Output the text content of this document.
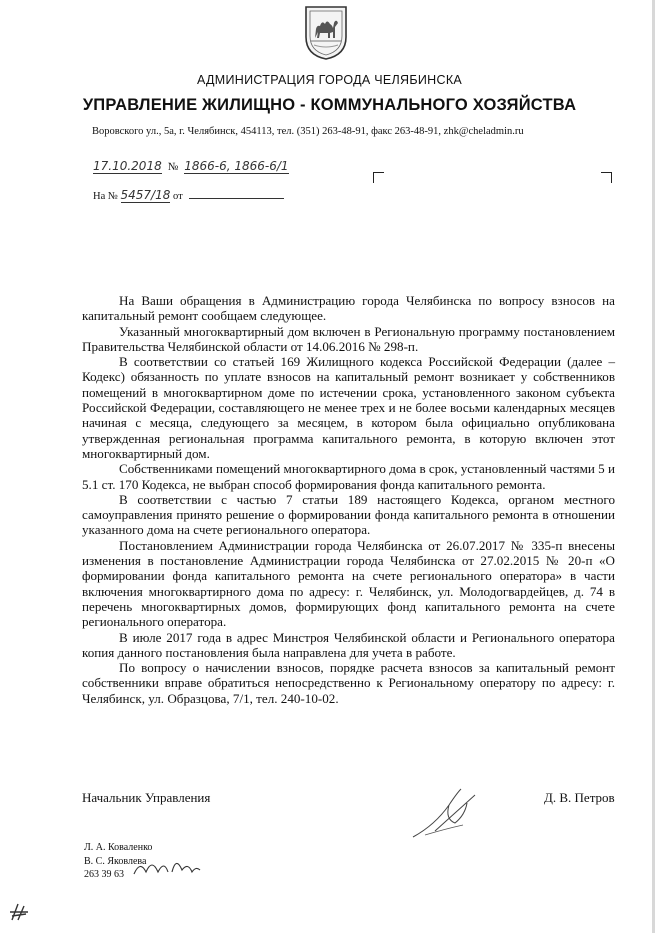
АДМИНИСТРАЦИЯ ГОРОДА ЧЕЛЯБИНСКА
УПРАВЛЕНИЕ ЖИЛИЩНО - КОММУНАЛЬНОГО ХОЗЯЙСТВА
Воровского ул., 5а, г. Челябинск, 454113, тел. (351) 263-48-91, факс 263-48-91, zhk@cheladmin.ru
17.10.2018 № 1866-6, 1866-6/1
На № 5457/18 от

На Ваши обращения в Администрацию города Челябинска по вопросу взносов на капитальный ремонт сообщаем следующее.

Указанный многоквартирный дом включен в Региональную программу постановлением Правительства Челябинской области от 14.06.2016 № 298-п.

В соответствии со статьей 169 Жилищного кодекса Российской Федерации (далее – Кодекс) обязанность по уплате взносов на капитальный ремонт возникает у собственников помещений в многоквартирном доме по истечении срока, установленного законом субъекта Российской Федерации, составляющего не менее трех и не более восьми календарных месяцев начиная с месяца, следующего за месяцем, в котором была официально опубликована утвержденная региональная программа капитального ремонта, в которую включен этот многоквартирный дом.

Собственниками помещений многоквартирного дома в срок, установленный частями 5 и 5.1 ст. 170 Кодекса, не выбран способ формирования фонда капитального ремонта.

В соответствии с частью 7 статьи 189 настоящего Кодекса, органом местного самоуправления принято решение о формировании фонда капитального ремонта в отношении указанного дома на счете регионального оператора.

Постановлением Администрации города Челябинска от 26.07.2017 № 335-п внесены изменения в постановление Администрации города Челябинска от 27.02.2015 № 20-п «О формировании фонда капитального ремонта на счете регионального оператора» в части включения многоквартирного дома по адресу: г. Челябинск, ул. Молодогвардейцев, д. 74 в перечень многоквартирных домов, формирующих фонд капитального ремонта на счете регионального оператора.

В июле 2017 года в адрес Минстроя Челябинской области и Регионального оператора копия данного постановления была направлена для учета в работе.

По вопросу о начислении взносов, порядке расчета взносов за капитальный ремонт собственники вправе обратиться непосредственно к Региональному оператору по адресу: г. Челябинск, ул. Образцова, 7/1, тел. 240-10-02.

Начальник Управления	Д. В. Петров
Л. А. Коваленко
В. С. Яковлева
263 39 63
